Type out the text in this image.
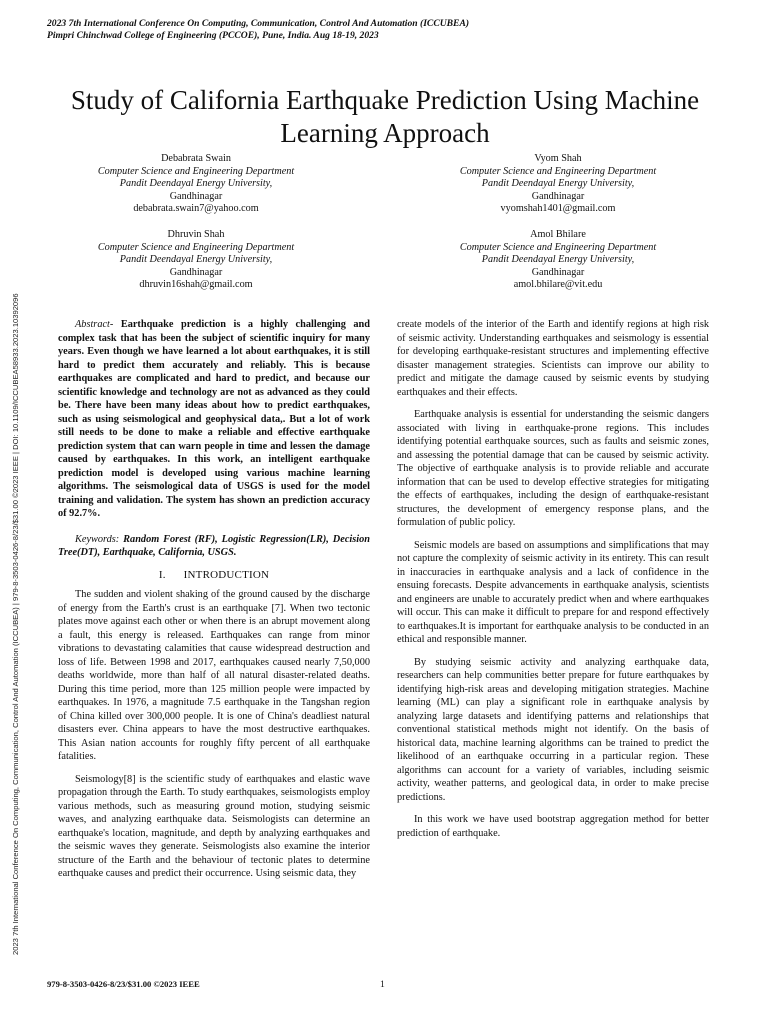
2023 7th International Conference On Computing, Communication, Control And Automation (ICCUBEA)
Pimpri Chinchwad College of Engineering (PCCOE), Pune, India. Aug 18-19, 2023
2023 7th International Conference On Computing, Communication, Control And Automation (ICCUBEA) | 979-8-3503-0426-8/23/$31.00 ©2023 IEEE | DOI: 10.1109/ICCUBEA58933.2023.10392096
Study of California Earthquake Prediction Using Machine Learning Approach
Debabrata Swain
Computer Science and Engineering Department
Pandit Deendayal Energy University,
Gandhinagar
debabrata.swain7@yahoo.com
Vyom Shah
Computer Science and Engineering Department
Pandit Deendayal Energy University,
Gandhinagar
vyomshah1401@gmail.com
Dhruvin Shah
Computer Science and Engineering Department
Pandit Deendayal Energy University,
Gandhinagar
dhruvin16shah@gmail.com
Amol Bhilare
Computer Science and Engineering Department
Pandit Deendayal Energy University,
Gandhinagar
amol.bhilare@vit.edu

Abstract- Earthquake prediction is a highly challenging and complex task that has been the subject of scientific inquiry for many years. Even though we have learned a lot about earthquakes, it is still hard to predict them accurately and reliably. This is because earthquakes are complicated and hard to predict, and because our scientific knowledge and technology are not as advanced as they could be. There have been many ideas about how to predict earthquakes, such as using seismological and geophysical data,. But a lot of work still needs to be done to make a reliable and effective earthquake prediction system that can warn people in time and lessen the damage caused by earthquakes. In this work, an intelligent earthquake prediction model is developed using various machine learning algorithms. The seismological data of USGS is used for the model training and validation. The system has shown an prediction accuracy of 92.7%.

Keywords: Random Forest (RF), Logistic Regression(LR), Decision Tree(DT), Earthquake, California, USGS.

I. INTRODUCTION

The sudden and violent shaking of the ground caused by the discharge of energy from the Earth's crust is an earthquake [7]. When two tectonic plates move against each other or when there is an abrupt movement along a fault, this energy is released. Earthquakes can range from minor vibrations to devastating calamities that cause widespread destruction and loss of life. Between 1998 and 2017, earthquakes caused nearly 7,50,000 deaths worldwide, more than half of all natural disaster-related deaths. During this time period, more than 125 million people were impacted by earthquakes. In 1976, a magnitude 7.5 earthquake in the Tangshan region of China killed over 300,000 people. It is one of China's deadliest natural disasters ever. China appears to have the most destructive earthquakes. This Asian nation accounts for roughly fifty percent of all earthquake fatalities.

Seismology[8] is the scientific study of earthquakes and elastic wave propagation through the Earth. To study earthquakes, seismologists employ various methods, such as measuring ground motion, studying seismic waves, and analyzing earthquake data. Seismologists can determine an earthquake's location, magnitude, and depth by analyzing earthquakes and the seismic waves they generate. Seismologists also examine the interior structure of the Earth and the behaviour of tectonic plates to determine earthquake causes and predict their occurrence. Using seismic data, they

create models of the interior of the Earth and identify regions at high risk of seismic activity. Understanding earthquakes and seismology is essential for developing earthquake-resistant structures and implementing effective disaster management strategies. Scientists can improve our ability to predict and mitigate the damage caused by seismic events by studying earthquakes and their effects.

Earthquake analysis is essential for understanding the seismic dangers associated with living in earthquake-prone regions. This includes identifying potential earthquake sources, such as faults and seismic zones, and assessing the potential damage that can be caused by seismic activity. The objective of earthquake analysis is to provide reliable and accurate information that can be used to develop effective strategies for mitigating the effects of earthquakes, including the design of earthquake-resistant structures, the development of emergency response plans, and the formulation of public policy.

Seismic models are based on assumptions and simplifications that may not capture the complexity of seismic activity in its entirety. This can result in inaccuracies in earthquake analysis and a lack of confidence in the ensuing forecasts. Despite advancements in earthquake analysis, scientists and engineers are unable to accurately predict when and where earthquakes will occur. This can make it difficult to prepare for and respond effectively to earthquakes.It is important for earthquake analysis to be conducted in an ethical and responsible manner.

By studying seismic activity and analyzing earthquake data, researchers can help communities better prepare for future earthquakes by identifying high-risk areas and developing mitigation strategies. Machine learning (ML) can play a significant role in earthquake analysis by analyzing large datasets and identifying patterns and relationships that conventional statistical methods might not identify. On the basis of historical data, machine learning algorithms can be trained to predict the likelihood of an earthquake occurring in a particular region. These algorithms can account for a variety of variables, including seismic activity, weather patterns, and geological data, in order to make precise predictions.

In this work we have used bootstrap aggregation method for better prediction of earthquake.

979-8-3503-0426-8/23/$31.00 ©2023 IEEE	1
